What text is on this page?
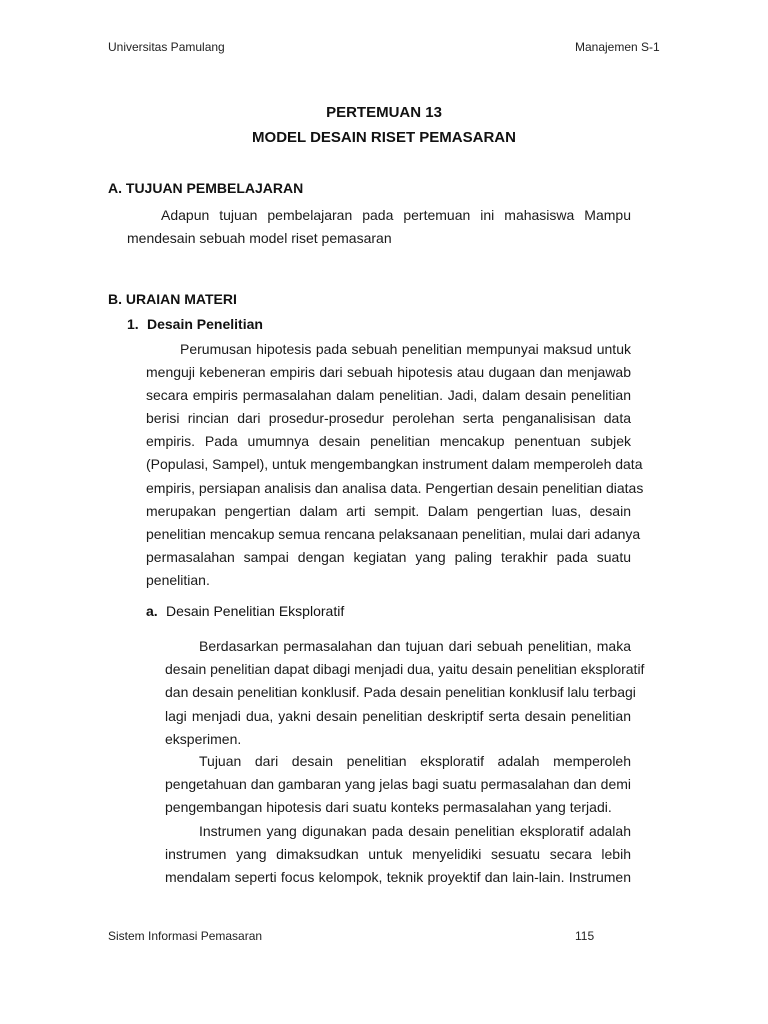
Universitas Pamulang	Manajemen S-1
PERTEMUAN 13
MODEL DESAIN RISET PEMASARAN
A. TUJUAN PEMBELAJARAN
Adapun tujuan pembelajaran pada pertemuan ini mahasiswa Mampu
mendesain sebuah model riset pemasaran
B. URAIAN MATERI
1. Desain Penelitian
Perumusan hipotesis pada sebuah penelitian mempunyai maksud untuk
menguji kebeneran empiris dari sebuah hipotesis atau dugaan dan menjawab
secara empiris permasalahan dalam penelitian. Jadi, dalam desain penelitian
berisi rincian dari prosedur-prosedur perolehan serta penganalisisan data
empiris. Pada umumnya desain penelitian mencakup penentuan subjek
(Populasi, Sampel), untuk mengembangkan instrument dalam memperoleh data
empiris, persiapan analisis dan analisa data. Pengertian desain penelitian diatas
merupakan pengertian dalam arti sempit. Dalam pengertian luas, desain
penelitian mencakup semua rencana pelaksanaan penelitian, mulai dari adanya
permasalahan sampai dengan kegiatan yang paling terakhir pada suatu
penelitian.
a. Desain Penelitian Eksploratif
Berdasarkan permasalahan dan tujuan dari sebuah penelitian, maka
desain penelitian dapat dibagi menjadi dua, yaitu desain penelitian eksploratif
dan desain penelitian konklusif. Pada desain penelitian konklusif lalu terbagi
lagi menjadi dua, yakni desain penelitian deskriptif serta desain penelitian
eksperimen.
Tujuan dari desain penelitian eksploratif adalah memperoleh
pengetahuan dan gambaran yang jelas bagi suatu permasalahan dan demi
pengembangan hipotesis dari suatu konteks permasalahan yang terjadi.
Instrumen yang digunakan pada desain penelitian eksploratif adalah
instrumen yang dimaksudkan untuk menyelidiki sesuatu secara lebih
mendalam seperti focus kelompok, teknik proyektif dan lain-lain. Instrumen
Sistem Informasi Pemasaran	115
